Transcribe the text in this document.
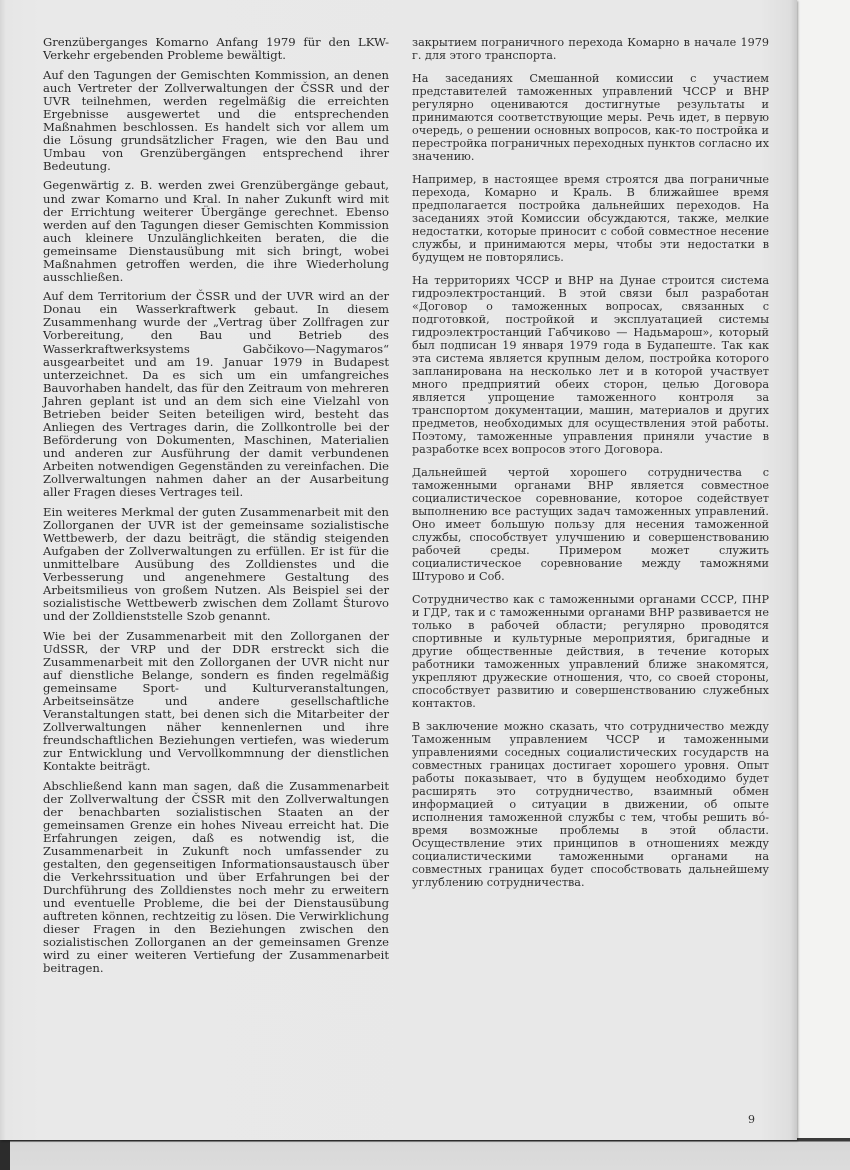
Grenzüberganges Komarno Anfang 1979 für den LKW-Verkehr ergebenden Probleme bewältigt.

Auf den Tagungen der Gemischten Kommission, an denen auch Vertreter der Zollverwaltungen der ČSSR und der UVR teilnehmen, werden regelmäßig die erreichten Ergebnisse ausgewertet und die entsprechenden Maßnahmen beschlossen. Es handelt sich vor allem um die Lösung grundsätzlicher Fragen, wie den Bau und Umbau von Grenzübergängen entsprechend ihrer Bedeutung.

Gegenwärtig z. B. werden zwei Grenzübergänge gebaut, und zwar Komarno und Kral. In naher Zukunft wird mit der Errichtung weiterer Übergänge gerechnet. Ebenso werden auf den Tagungen dieser Gemischten Kommission auch kleinere Unzulänglichkeiten beraten, die die gemeinsame Dienstausübung mit sich bringt, wobei Maßnahmen getroffen werden, die ihre Wiederholung ausschließen.

Auf dem Territorium der ČSSR und der UVR wird an der Donau ein Wasserkraftwerk gebaut. In diesem Zusammenhang wurde der „Vertrag über Zollfragen zur Vorbereitung, den Bau und Betrieb des Wasserkraftwerksystems Gabčikovo—Nagymaros“ ausgearbeitet und am 19. Januar 1979 in Budapest unterzeichnet. Da es sich um ein umfangreiches Bauvorhaben handelt, das für den Zeitraum von mehreren Jahren geplant ist und an dem sich eine Vielzahl von Betrieben beider Seiten beteiligen wird, besteht das Anliegen des Vertrages darin, die Zollkontrolle bei der Beförderung von Dokumenten, Maschinen, Materialien und anderen zur Ausführung der damit verbundenen Arbeiten notwendigen Gegenständen zu vereinfachen. Die Zollverwaltungen nahmen daher an der Ausarbeitung aller Fragen dieses Vertrages teil.

Ein weiteres Merkmal der guten Zusammenarbeit mit den Zollorganen der UVR ist der gemeinsame sozialistische Wettbewerb, der dazu beiträgt, die ständig steigenden Aufgaben der Zollverwaltungen zu erfüllen. Er ist für die unmittelbare Ausübung des Zolldienstes und die Verbesserung und angenehmere Gestaltung des Arbeitsmilieus von großem Nutzen. Als Beispiel sei der sozialistische Wettbewerb zwischen dem Zollamt Šturovo und der Zolldienststelle Szob genannt.

Wie bei der Zusammenarbeit mit den Zollorganen der UdSSR, der VRP und der DDR erstreckt sich die Zusammenarbeit mit den Zollorganen der UVR nicht nur auf dienstliche Belange, sondern es finden regelmäßig gemeinsame Sport- und Kulturveranstaltungen, Arbeitseinsätze und andere gesellschaftliche Veranstaltungen statt, bei denen sich die Mitarbeiter der Zollverwaltungen näher kennenlernen und ihre freundschaftlichen Beziehungen vertiefen, was wiederum zur Entwicklung und Vervollkommnung der dienstlichen Kontakte beiträgt.

Abschließend kann man sagen, daß die Zusammenarbeit der Zollverwaltung der ČSSR mit den Zollverwaltungen der benachbarten sozialistischen Staaten an der gemeinsamen Grenze ein hohes Niveau erreicht hat. Die Erfahrungen zeigen, daß es notwendig ist, die Zusammenarbeit in Zukunft noch umfassender zu gestalten, den gegenseitigen Informationsaustausch über die Verkehrssituation und über Erfahrungen bei der Durchführung des Zolldienstes noch mehr zu erweitern und eventuelle Probleme, die bei der Dienstausübung auftreten können, rechtzeitig zu lösen. Die Verwirklichung dieser Fragen in den Beziehungen zwischen den sozialistischen Zollorganen an der gemeinsamen Grenze wird zu einer weiteren Vertiefung der Zusammenarbeit beitragen.

закрытием пограничного перехода Комарно в начале 1979 г. для этого транспорта.

На заседаниях Смешанной комиссии с участием представителей таможенных управлений ЧССР и ВНР регулярно оцениваются достигнутые результаты и принимаются соответствующие меры. Речь идет, в первую очередь, о решении основных вопросов, как-то постройка и перестройка пограничных переходных пунктов согласно их значению.

Например, в настоящее время строятся два пограничные перехода, Комарно и Краль. В ближайшее время предполагается постройка дальнейших переходов. На заседаниях этой Комиссии обсуждаются, также, мелкие недостатки, которые приносит с собой совместное несение службы, и принимаются меры, чтобы эти недостатки в будущем не повторялись.

На территориях ЧССР и ВНР на Дунае строится система гидроэлектростанций. В этой связи был разработан «Договор о таможенных вопросах, связанных с подготовкой, постройкой и эксплуатацией системы гидроэлектростанций Габчиково — Надьмарош», который был подписан 19 января 1979 года в Будапеште. Так как эта система является крупным делом, постройка которого запланирована на несколько лет и в которой участвует много предприятий обеих сторон, целью Договора является упрощение таможенного контроля за транспортом документации, машин, материалов и других предметов, необходимых для осуществления этой работы. Поэтому, таможенные управления приняли участие в разработке всех вопросов этого Договора.

Дальнейшей чертой хорошего сотрудничества с таможенными органами ВНР является совместное социалистическое соревнование, которое содействует выполнению все растущих задач таможенных управлений. Оно имеет большую пользу для несения таможенной службы, способствует улучшению и совершенствованию рабочей среды. Примером может служить социалистическое соревнование между таможнями Штурово и Соб.

Сотрудничество как с таможенными органами СССР, ПНР и ГДР, так и с таможенными органами ВНР развивается не только в рабочей области; регулярно проводятся спортивные и культурные мероприятия, бригадные и другие общественные действия, в течение которых работники таможенных управлений ближе знакомятся, укрепляют дружеские отношения, что, со своей стороны, способствует развитию и совершенствованию служебных контактов.

В заключение можно сказать, что сотрудничество между Таможенным управлением ЧССР и таможенными управлениями соседных социалистических государств на совместных границах достигает хорошего уровня. Опыт работы показывает, что в будущем необходимо будет расширять это сотрудничество, взаимный обмен информацией о ситуации в движении, об опыте исполнения таможенной службы с тем, чтобы решить вó-время возможные проблемы в этой области. Осуществление этих принципов в отношениях между социалистическими таможенными органами на совместных границах будет способствовать дальнейшему углублению сотрудничества.

9
